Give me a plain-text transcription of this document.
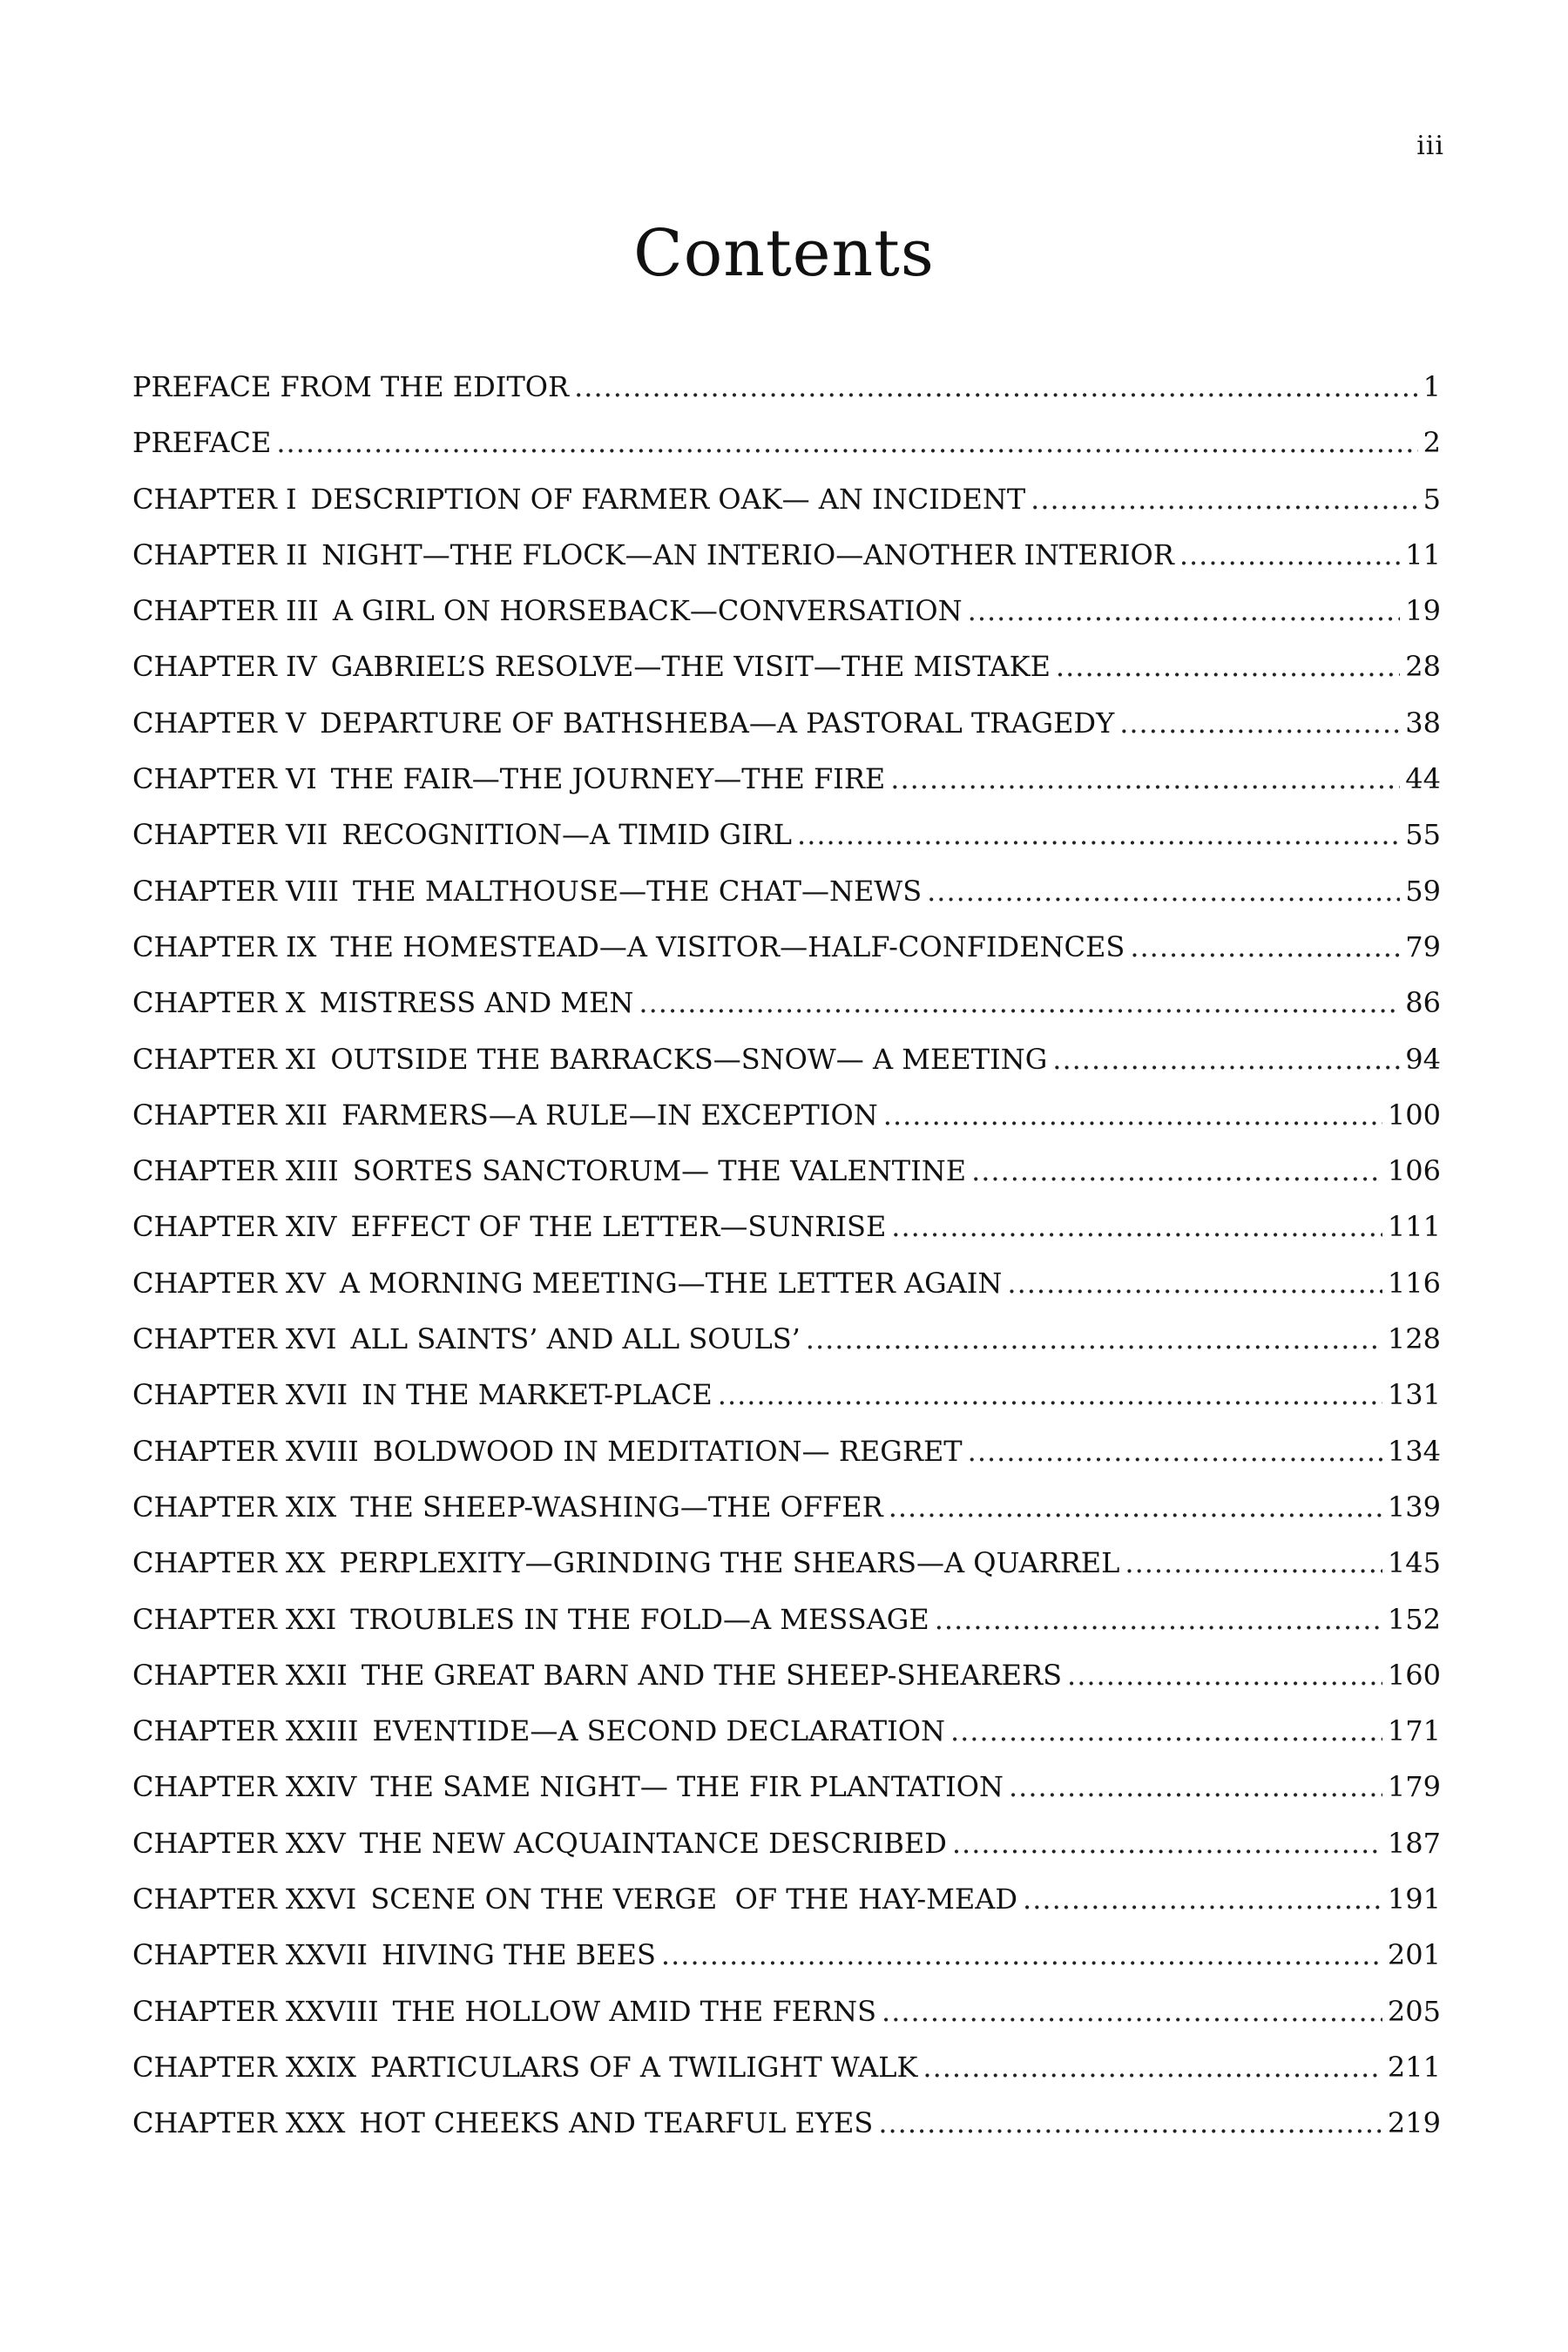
iii
Contents
PREFACE FROM THE EDITOR .....	1
PREFACE .....	2
CHAPTER I DESCRIPTION OF FARMER OAK— AN INCIDENT .....	5
CHAPTER II NIGHT—THE FLOCK—AN INTERIO—ANOTHER INTERIOR .....	11
CHAPTER III A GIRL ON HORSEBACK—CONVERSATION .....	19
CHAPTER IV GABRIEL’S RESOLVE—THE VISIT—THE MISTAKE .....	28
CHAPTER V DEPARTURE OF BATHSHEBA—A PASTORAL TRAGEDY .....	38
CHAPTER VI THE FAIR—THE JOURNEY—THE FIRE .....	44
CHAPTER VII RECOGNITION—A TIMID GIRL .....	55
CHAPTER VIII THE MALTHOUSE—THE CHAT—NEWS .....	59
CHAPTER IX THE HOMESTEAD—A VISITOR—HALF-CONFIDENCES .....	79
CHAPTER X MISTRESS AND MEN .....	86
CHAPTER XI OUTSIDE THE BARRACKS—SNOW— A MEETING .....	94
CHAPTER XII FARMERS—A RULE—IN EXCEPTION .....	100
CHAPTER XIII SORTES SANCTORUM— THE VALENTINE .....	106
CHAPTER XIV EFFECT OF THE LETTER—SUNRISE .....	111
CHAPTER XV A MORNING MEETING—THE LETTER AGAIN .....	116
CHAPTER XVI ALL SAINTS’ AND ALL SOULS’ .....	128
CHAPTER XVII IN THE MARKET-PLACE .....	131
CHAPTER XVIII BOLDWOOD IN MEDITATION— REGRET .....	134
CHAPTER XIX THE SHEEP-WASHING—THE OFFER .....	139
CHAPTER XX PERPLEXITY—GRINDING THE SHEARS—A QUARREL .....	145
CHAPTER XXI TROUBLES IN THE FOLD—A MESSAGE .....	152
CHAPTER XXII THE GREAT BARN AND THE SHEEP-SHEARERS .....	160
CHAPTER XXIII EVENTIDE—A SECOND DECLARATION .....	171
CHAPTER XXIV THE SAME NIGHT— THE FIR PLANTATION .....	179
CHAPTER XXV THE NEW ACQUAINTANCE DESCRIBED .....	187
CHAPTER XXVI SCENE ON THE VERGE  OF THE HAY-MEAD .....	191
CHAPTER XXVII HIVING THE BEES .....	201
CHAPTER XXVIII THE HOLLOW AMID THE FERNS .....	205
CHAPTER XXIX PARTICULARS OF A TWILIGHT WALK .....	211
CHAPTER XXX HOT CHEEKS AND TEARFUL EYES .....	219
